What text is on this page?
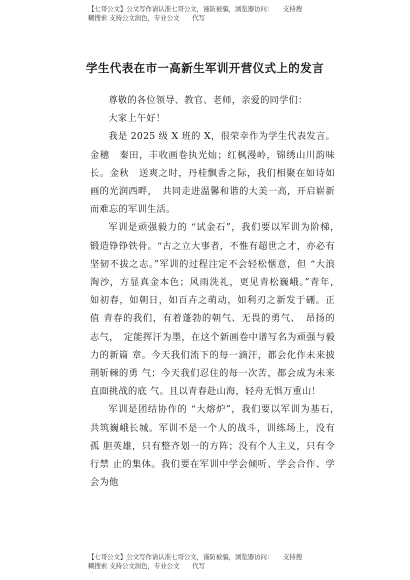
【七哥公文】公文写作请认准七哥公文，谨防被骗，浏览器访问：　　支持搜
糊搜索 支持公文润色，专业公文　　代写
学生代表在市一高新生军训开营仪式上的发言

尊敬的各位领导、教官、老师，亲爱的同学们：

大家上午好！

我是 2025 级 X 班的 X，很荣幸作为学生代表发言。金穗　秦田，丰收画卷执光灿；红枫漫岭，锦绣山川韵味长。金秋　送爽之时，丹桂飘香之际，我们相聚在如诗如画的光润西畔，　共同走进温馨和谐的大美一高，开启崭新而难忘的军训生活。

军训是顽强毅力的 “试金石”，我们要以军训为阶梯，　锻造铮铮铁骨。“古之立大事者，不惟有超世之才，亦必有 坚韧不拔之志。”军训的过程注定不会轻松惬意，但 “大浪 淘沙，方显真金本色；风雨洗礼，更见青松巍峨。”青年，　如初春，如朝日，如百卉之萌动，如利刃之新发于硎。正值 青春的我们，有着蓬勃的朝气、无畏的勇气、　昂扬的志气，　定能挥汗为墨，在这个新画卷中谱写名为顽强与毅力的新篇 章。今天我们流下的每一滴汗，都会化作未来披荆斩棘的勇 气；今天我们忍住的每一次苦，都会成为未来直面挑战的底 气。且以青春赴山海，轻舟无惧万重山！

军训是团结协作的 “大熔炉”，我们要以军训为基石，　共筑巍峨长城。军训不是一个人的战斗，训练场上，没有孤 胆英雄，只有整齐划一的方阵；没有个人主义，只有令行禁 止的集体。我们要在军训中学会倾听、学会合作、学会为他

【七哥公文】公文写作请认准七哥公文，谨防被骗，浏览器访问：　　支持搜
糊搜索 支持公文润色，专业公文　　代写
